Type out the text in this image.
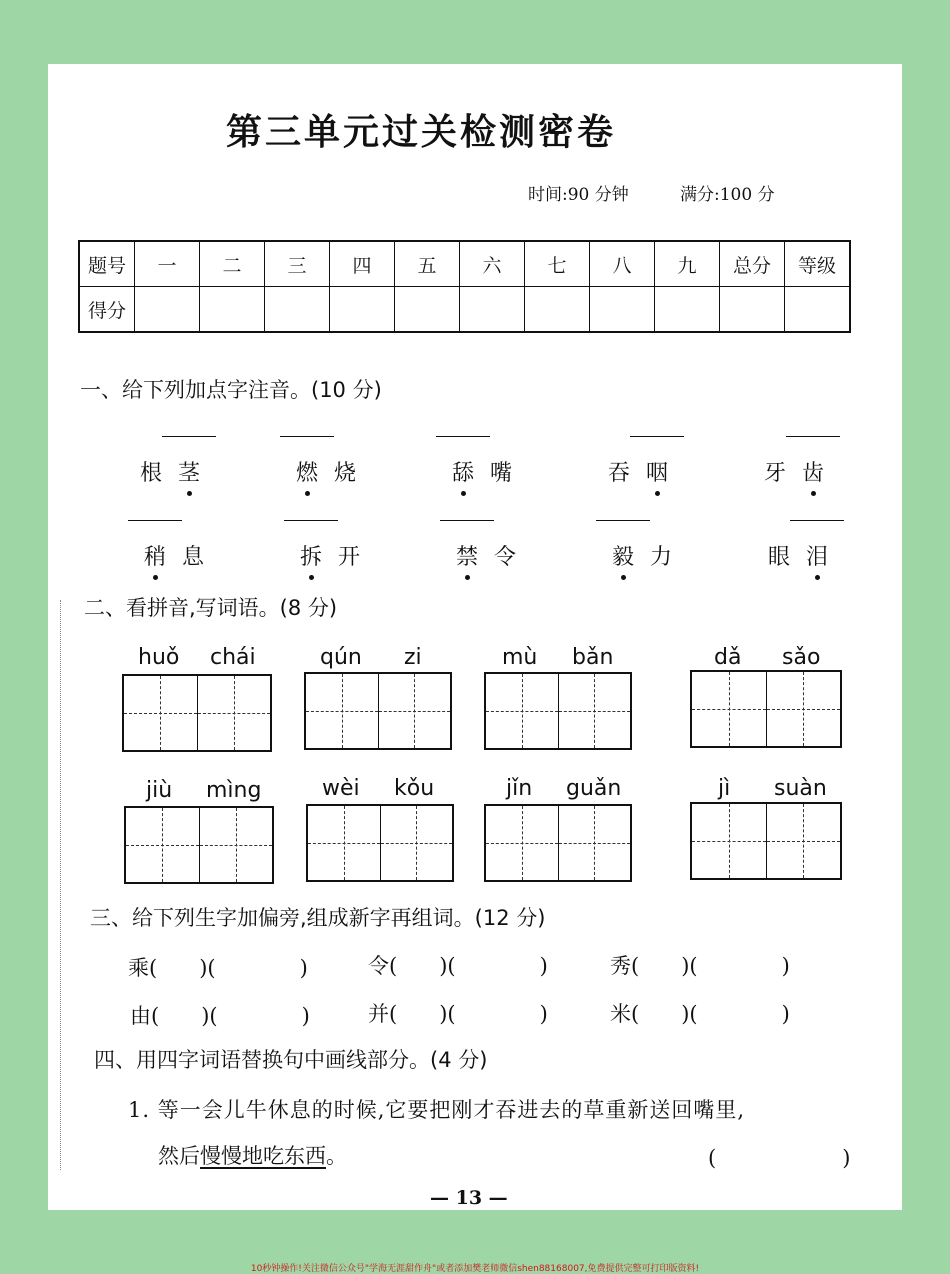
第三单元过关检测密卷
时间:90 分钟	满分:100 分
题号	一	二	三	四	五	六	七	八	九	总分	等级
得分											
一、给下列加点字注音。(10 分)
根 茎	燃 烧	舔 嘴	吞 咽	牙 齿
稍 息	拆 开	禁 令	毅 力	眼 泪
二、看拼音,写词语。(8 分)
huǒ chái	qún zi	mù bǎn	dǎ sǎo
jiù mìng	wèi kǒu	jǐn guǎn	jì suàn
三、给下列生字加偏旁,组成新字再组词。(12 分)
乘(　　)(　　　　)	令(　　)(　　　　)	秀(　　)(　　　　)
由(　　)(　　　　)	并(　　)(　　　　)	米(　　)(　　　　)
四、用四字词语替换句中画线部分。(4 分)
1. 等一会儿牛休息的时候,它要把刚才吞进去的草重新送回嘴里,
然后慢慢地吃东西。	(　　　　　　)
— 13 —
10秒钟操作!关注微信公众号"学海无涯甜作舟"或者添加樊老师微信shen88168007,免费提供完整可打印版资料!
